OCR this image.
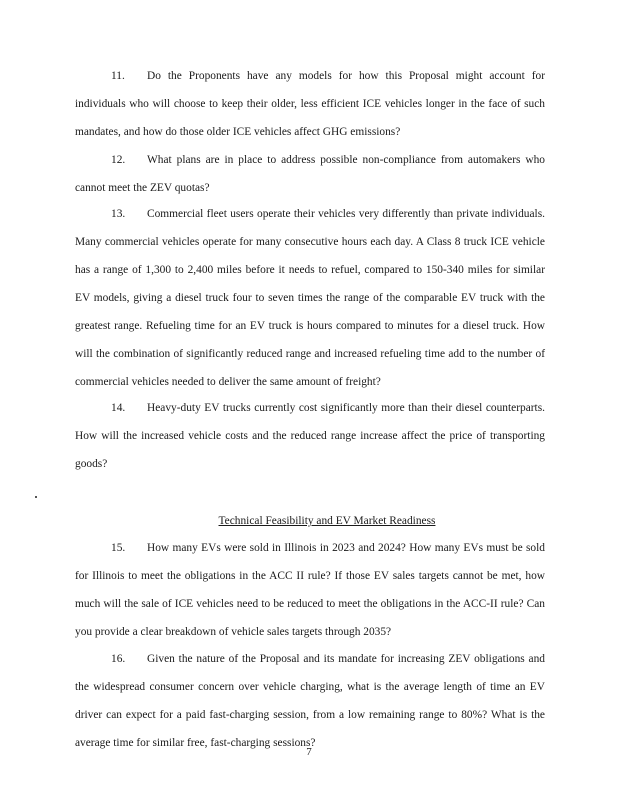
11. Do the Proponents have any models for how this Proposal might account for individuals who will choose to keep their older, less efficient ICE vehicles longer in the face of such mandates, and how do those older ICE vehicles affect GHG emissions?

12. What plans are in place to address possible non-compliance from automakers who cannot meet the ZEV quotas?

13. Commercial fleet users operate their vehicles very differently than private individuals. Many commercial vehicles operate for many consecutive hours each day. A Class 8 truck ICE vehicle has a range of 1,300 to 2,400 miles before it needs to refuel, compared to 150-340 miles for similar EV models, giving a diesel truck four to seven times the range of the comparable EV truck with the greatest range. Refueling time for an EV truck is hours compared to minutes for a diesel truck. How will the combination of significantly reduced range and increased refueling time add to the number of commercial vehicles needed to deliver the same amount of freight?

14. Heavy-duty EV trucks currently cost significantly more than their diesel counterparts. How will the increased vehicle costs and the reduced range increase affect the price of transporting goods?

Technical Feasibility and EV Market Readiness

15. How many EVs were sold in Illinois in 2023 and 2024? How many EVs must be sold for Illinois to meet the obligations in the ACC II rule? If those EV sales targets cannot be met, how much will the sale of ICE vehicles need to be reduced to meet the obligations in the ACC-II rule? Can you provide a clear breakdown of vehicle sales targets through 2035?

16. Given the nature of the Proposal and its mandate for increasing ZEV obligations and the widespread consumer concern over vehicle charging, what is the average length of time an EV driver can expect for a paid fast-charging session, from a low remaining range to 80%? What is the average time for similar free, fast-charging sessions?

7
